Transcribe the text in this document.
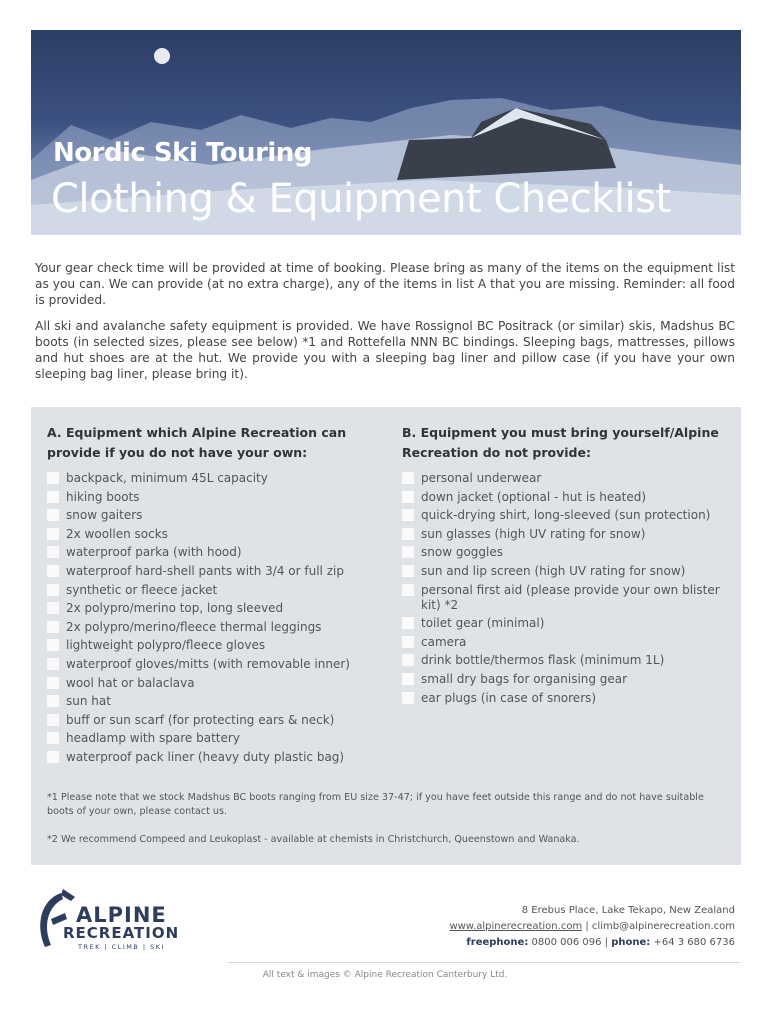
Nordic Ski Touring
Clothing & Equipment Checklist

Your gear check time will be provided at time of booking. Please bring as many of the items on the equipment list as you can. We can provide (at no extra charge), any of the items in list A that you are missing. Reminder: all food is provided.

All ski and avalanche safety equipment is provided. We have Rossignol BC Positrack (or similar) skis, Madshus BC boots (in selected sizes, please see below) *1 and Rottefella NNN BC bindings. Sleeping bags, mattresses, pillows and hut shoes are at the hut. We provide you with a sleeping bag liner and pillow case (if you have your own sleeping bag liner, please bring it).

A. Equipment which Alpine Recreation can provide if you do not have your own:
backpack, minimum 45L capacity
hiking boots
snow gaiters
2x woollen socks
waterproof parka (with hood)
waterproof hard-shell pants with 3/4 or full zip
synthetic or fleece jacket
2x polypro/merino top, long sleeved
2x polypro/merino/fleece thermal leggings
lightweight polypro/fleece gloves
waterproof gloves/mitts (with removable inner)
wool hat or balaclava
sun hat
buff or sun scarf (for protecting ears & neck)
headlamp with spare battery
waterproof pack liner (heavy duty plastic bag)
B. Equipment you must bring yourself/Alpine Recreation do not provide:
personal underwear
down jacket (optional - hut is heated)
quick-drying shirt, long-sleeved (sun protection)
sun glasses (high UV rating for snow)
snow goggles
sun and lip screen (high UV rating for snow)
personal first aid (please provide your own blister kit) *2
toilet gear (minimal)
camera
drink bottle/thermos flask (minimum 1L)
small dry bags for organising gear
ear plugs (in case of snorers)

*1 Please note that we stock Madshus BC boots ranging from EU size 37-47; if you have feet outside this range and do not have suitable boots of your own, please contact us.

*2 We recommend Compeed and Leukoplast - available at chemists in Christchurch, Queenstown and Wanaka.

ALPINE
RECREATION
TREK | CLIMB | SKI
8 Erebus Place, Lake Tekapo, New Zealand
www.alpinerecreation.com | climb@alpinerecreation.com
freephone: 0800 006 096 | phone: +64 3 680 6736
All text & images © Alpine Recreation Canterbury Ltd.
